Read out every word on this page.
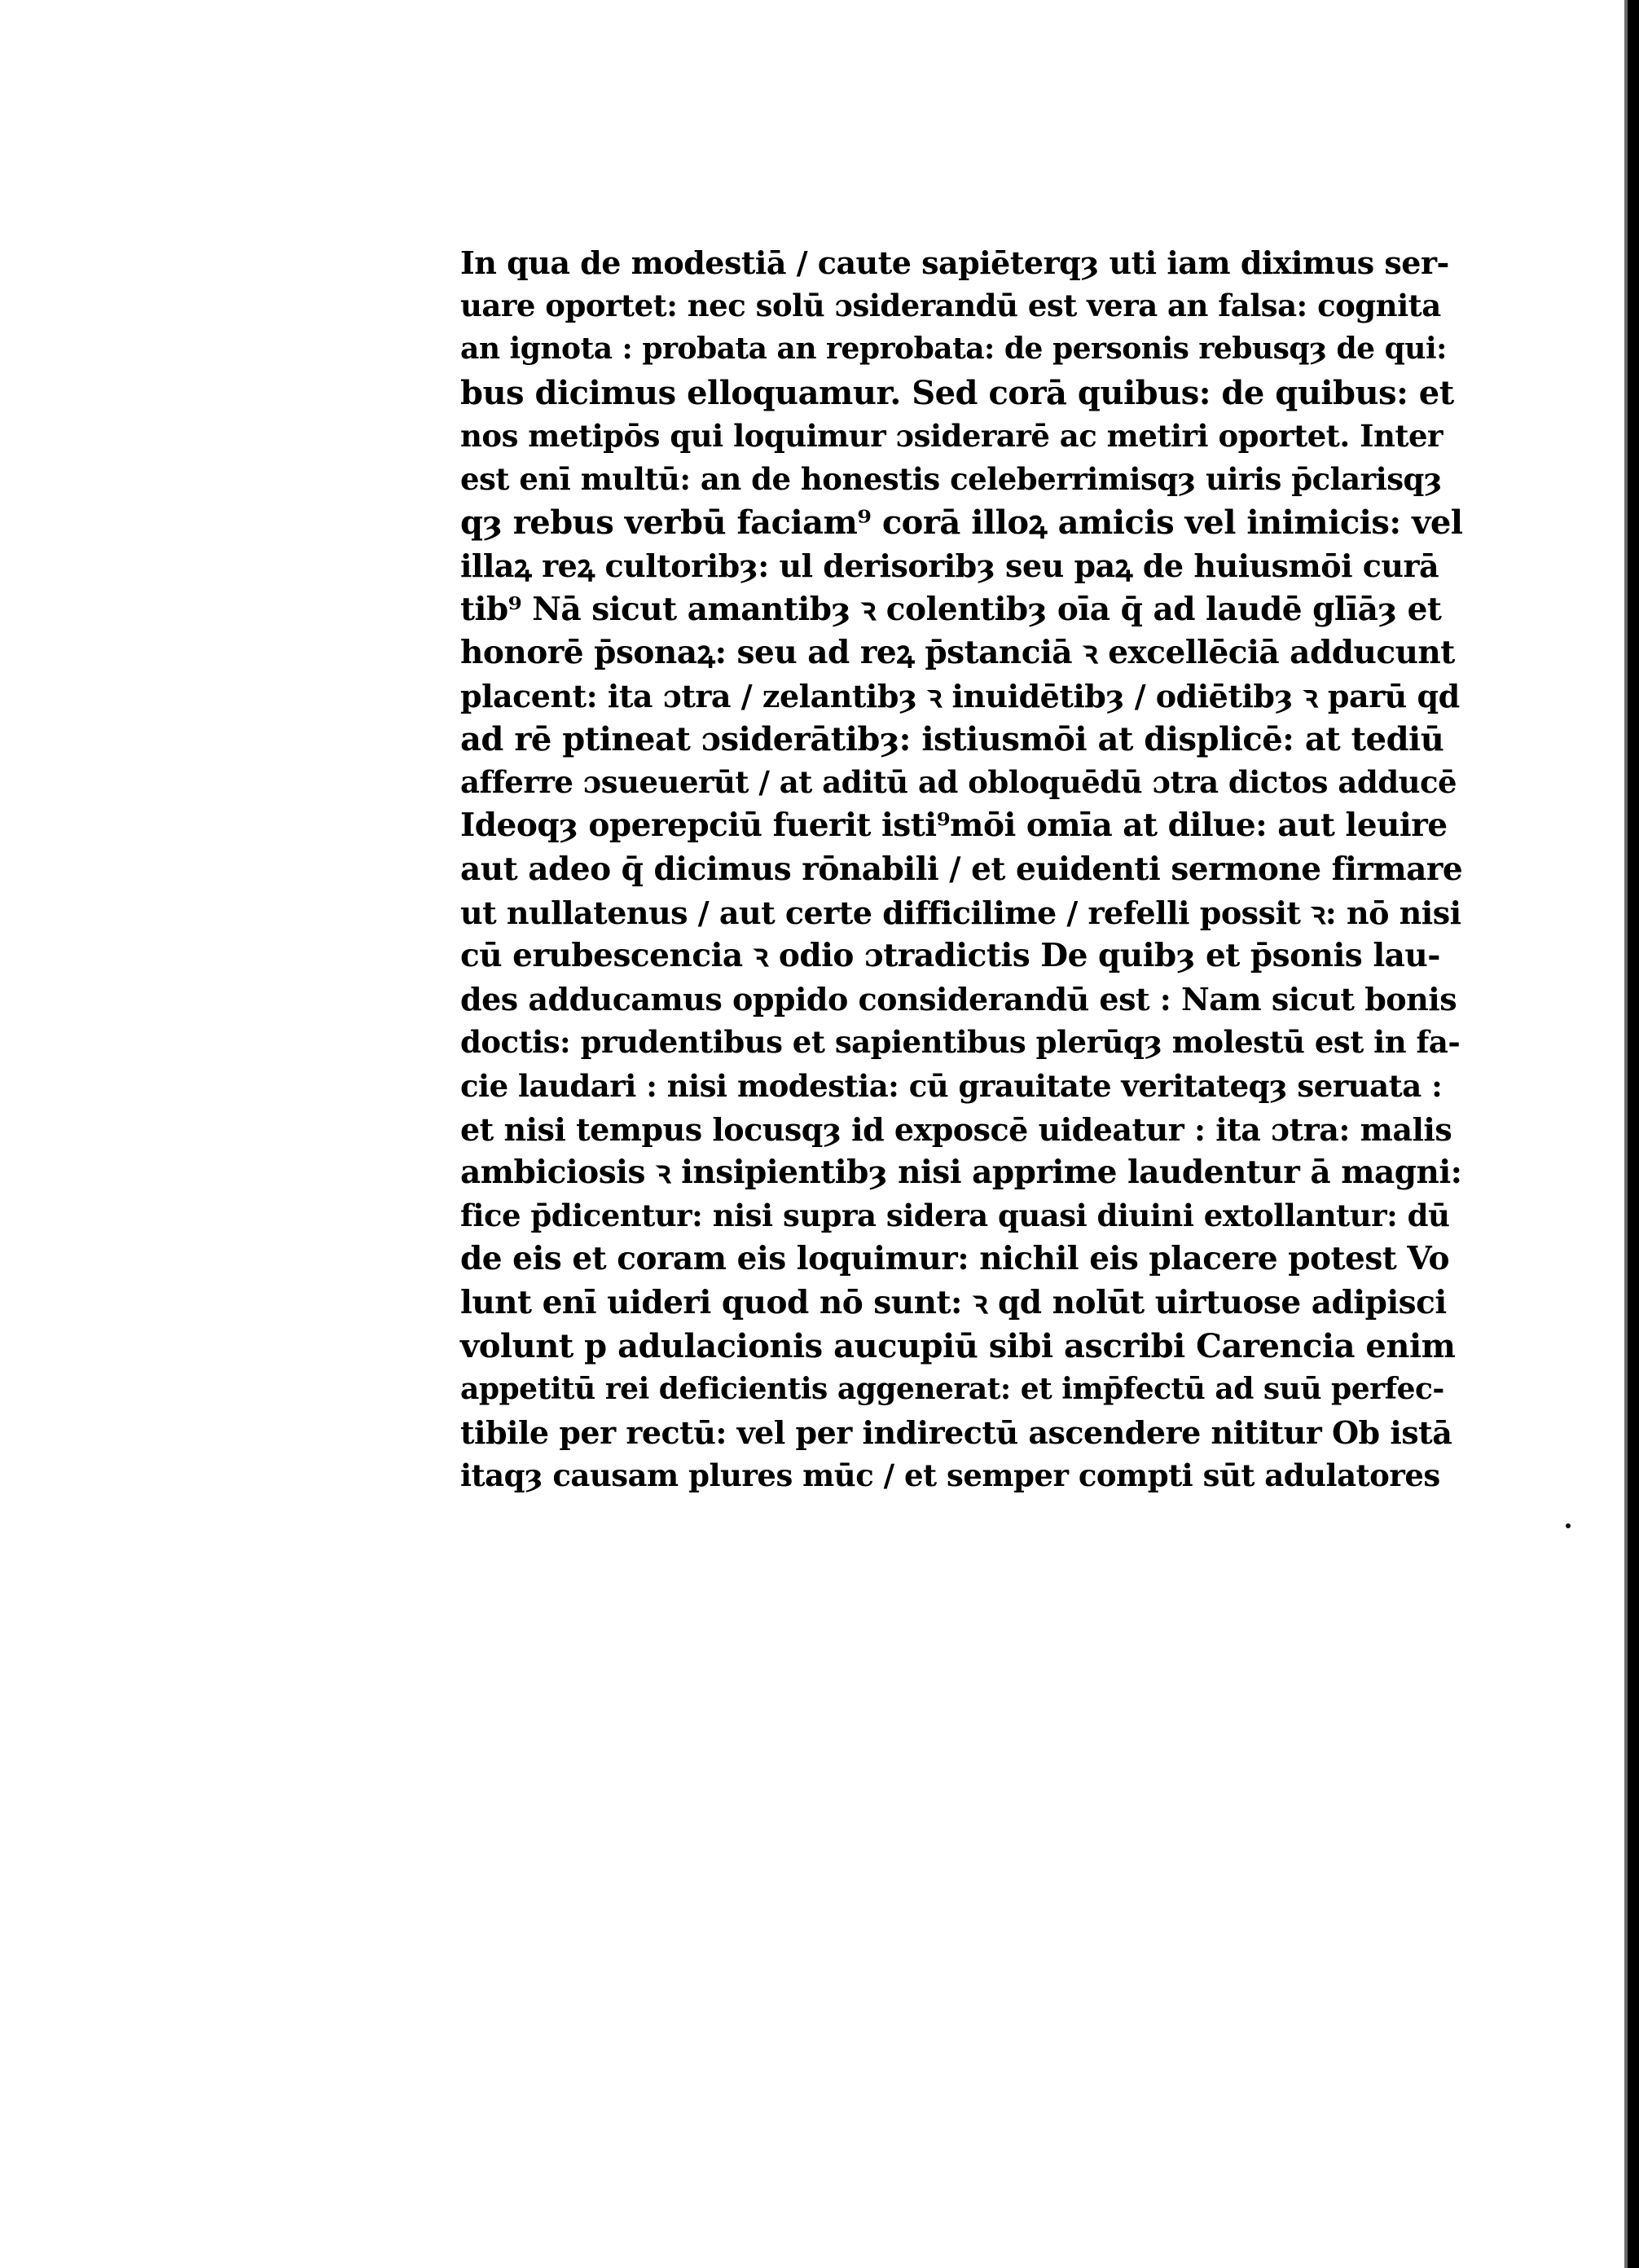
In qua de modestiā / caute sapiēterqȝ uti iam diximus ser-
uare oportet: nec solū ɔsiderandū est vera an falsa: cognita
an ignota : probata an reprobata: de personis rebusqȝ de qui:
bus dicimus elloquamur. Sed corā quibus: de quibus: et
nos metipōs qui loquimur ɔsiderarē ac metiri oportet. Inter
est enī multū: an de honestis celeberrimisqȝ uiris p̄clarisqȝ
qȝ rebus verbū faciam⁹ corā illoꝝ amicis vel inimicis: vel
illaꝝ reꝝ cultoribȝ: ul derisoribȝ seu paꝝ de huiusmōi curā
tib⁹ Nā sicut amantibȝ ꝛ colentibȝ oīa q̄ ad laudē glīāȝ et
honorē p̄sonaꝝ: seu ad reꝝ p̄stanciā ꝛ excellēciā adducunt
placent: ita ɔtra / zelantibȝ ꝛ inuidētibȝ / odiētibȝ ꝛ parū qd
ad rē ptineat ɔsiderātibȝ: istiusmōi at displicē: at tediū
afferre ɔsueuerūt / at aditū ad obloquēdū ɔtra dictos adducē
Ideoqȝ operepciū fuerit isti⁹mōi omīa at dilue: aut leuire
aut adeo q̄ dicimus rōnabili / et euidenti sermone firmare
ut nullatenus / aut certe difficilime / refelli possit ꝛ: nō nisi
cū erubescencia ꝛ odio ɔtradictis De quibȝ et p̄sonis lau-
des adducamus oppido considerandū est : Nam sicut bonis
doctis: prudentibus et sapientibus plerūqȝ molestū est in fa-
cie laudari : nisi modestia: cū grauitate veritateqȝ seruata :
et nisi tempus locusqȝ id exposcē uideatur : ita ɔtra: malis
ambiciosis ꝛ insipientibȝ nisi apprime laudentur ā magni:
fice p̄dicentur: nisi supra sidera quasi diuini extollantur: dū
de eis et coram eis loquimur: nichil eis placere potest Vo
lunt enī uideri quod nō sunt: ꝛ qd nolūt uirtuose adipisci
volunt p adulacionis aucupiū sibi ascribi Carencia enim
appetitū rei deficientis aggenerat: et imp̄fectū ad suū perfec-
tibile per rectū: vel per indirectū ascendere nititur Ob istā
itaqȝ causam plures mūc / et semper compti sūt adulatores
